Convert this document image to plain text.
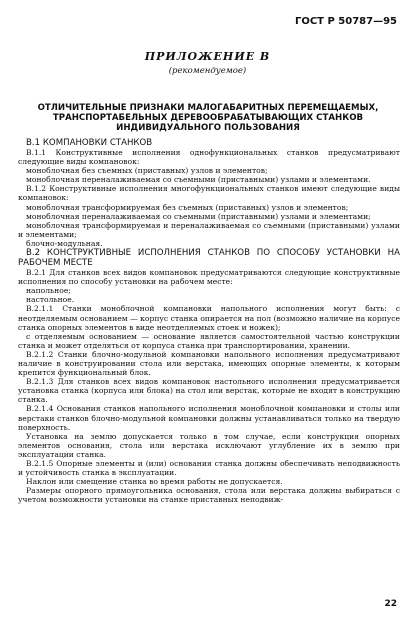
ГОСТ Р 50787—95
ПРИЛОЖЕНИЕ В
(рекомендуемое)
ОТЛИЧИТЕЛЬНЫЕ ПРИЗНАКИ МАЛОГАБАРИТНЫХ ПЕРЕМЕЩАЕМЫХ, ТРАНСПОРТАБЕЛЬНЫХ ДЕРЕВООБРАБАТЫВАЮЩИХ СТАНКОВ ИНДИВИДУАЛЬНОГО ПОЛЬЗОВАНИЯ

В.1 КОМПАНОВКИ СТАНКОВ

В.1.1 Конструктивные исполнения однофункциональных станков предусматривают следующие виды компановок:

моноблочная без съемных (приставных) узлов и элементов;

моноблочная переналаживаемая со съемными (приставными) узлами и элементами.

В.1.2 Конструктивные исполнения многофункциональных станков имеют следующие виды компановок:

моноблочная трансформируемая без съемных (приставных) узлов и элементов;

моноблочная переналаживаемая со съемными (приставными) узлами и элементами;

моноблочная трансформируемая и переналаживаемая со съемными (приставными) узлами и элементами;

блочно-модульная.

В.2 КОНСТРУКТИВНЫЕ ИСПОЛНЕНИЯ СТАНКОВ ПО СПОСОБУ УСТАНОВКИ НА РАБОЧЕМ МЕСТЕ

В.2.1 Для станков всех видов компановок предусматриваются следующие конструктивные исполнения по способу установки на рабочем месте:

напольное;

настольное.

В.2.1.1 Станки моноблочной компановки напольного исполнения могут быть: с неотделяемым основанием — корпус станка опирается на пол (возможно наличие на корпусе станка опорных элементов в виде неотделяемых стоек и ножек);

с отделяемым основанием — основание является самостоятельной частью конструкции станка и может отделяться от корпуса станка при транспортировании, хранении.

В.2.1.2 Станки блочно-модульной компановки напольного исполнения предусматривают наличие в конструировании стола или верстака, имеющих опорные элементы, к которым крепится функциональный блок.

В.2.1.3 Для станков всех видов компановок настольного исполнения предусматривается установка станка (корпуса или блока) на стол или верстак, которые не входят в конструкцию станка.

В.2.1.4 Основания станков напольного исполнения моноблочной компановки и столы или верстаки станков блочно-модульной компановки должны устанавливаться только на твердую поверхность.

Установка на землю допускается только в том случае, если конструкция опорных элементов основания, стола или верстака исключают углубление их в землю при эксплуатации станка.

В.2.1.5 Опорные элементы и (или) основания станка должны обеспечивать неподвижность и устойчивость станка в эксплуатации.

Наклон или смещение станка во время работы не допускается.

Размеры опорного прямоугольника основания, стола или верстака должны выбираться с учетом возможности установки на станке приставных неподвиж-

22
